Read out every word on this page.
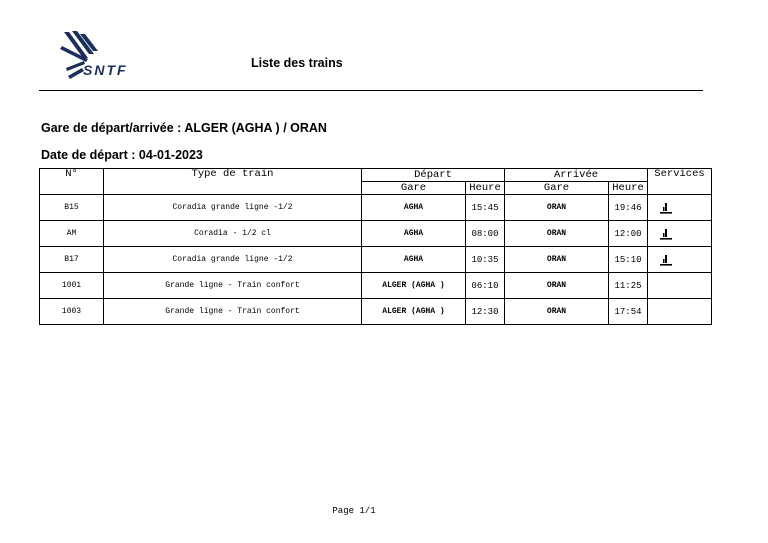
SNTF	Liste des trains
Gare de départ/arrivée : ALGER (AGHA ) / ORAN
Date de départ : 04-01-2023
N°	Type de train	Départ		Arrivée		Services
		Gare	Heure	Gare	Heure	
B15	Coradia grande ligne -1/2	AGHA	15:45	ORAN	19:46	
AM	Coradia - 1/2 cl	AGHA	08:00	ORAN	12:00	
B17	Coradia grande ligne -1/2	AGHA	10:35	ORAN	15:10	
1001	Grande ligne - Train confort	ALGER (AGHA )	06:10	ORAN	11:25	
1003	Grande ligne - Train confort	ALGER (AGHA )	12:30	ORAN	17:54	
Page 1/1
